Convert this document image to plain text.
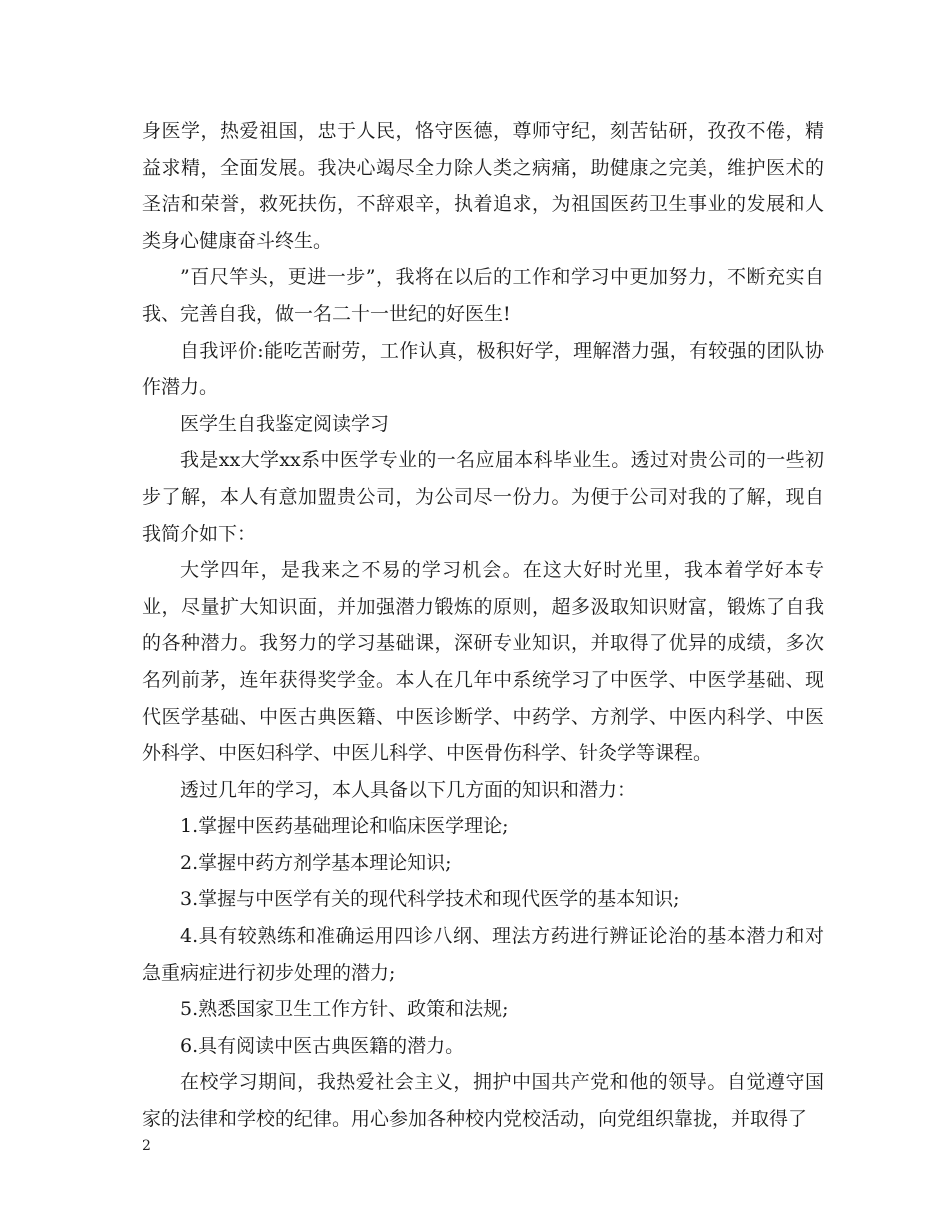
身医学，热爱祖国，忠于人民，恪守医德，尊师守纪，刻苦钻研，孜孜不倦，精益求精，全面发展。我决心竭尽全力除人类之病痛，助健康之完美，维护医术的圣洁和荣誉，救死扶伤，不辞艰辛，执着追求，为祖国医药卫生事业的发展和人类身心健康奋斗终生。

”百尺竿头，更进一步”，我将在以后的工作和学习中更加努力，不断充实自我、完善自我，做一名二十一世纪的好医生!

自我评价:能吃苦耐劳，工作认真，极积好学，理解潜力强，有较强的团队协作潜力。

医学生自我鉴定阅读学习

我是xx大学xx系中医学专业的一名应届本科毕业生。透过对贵公司的一些初步了解，本人有意加盟贵公司，为公司尽一份力。为便于公司对我的了解，现自我简介如下：

大学四年，是我来之不易的学习机会。在这大好时光里，我本着学好本专业，尽量扩大知识面，并加强潜力锻炼的原则，超多汲取知识财富，锻炼了自我的各种潜力。我努力的学习基础课，深研专业知识，并取得了优异的成绩，多次名列前茅，连年获得奖学金。本人在几年中系统学习了中医学、中医学基础、现代医学基础、中医古典医籍、中医诊断学、中药学、方剂学、中医内科学、中医外科学、中医妇科学、中医儿科学、中医骨伤科学、针灸学等课程。

透过几年的学习，本人具备以下几方面的知识和潜力：

1.掌握中医药基础理论和临床医学理论;

2.掌握中药方剂学基本理论知识;

3.掌握与中医学有关的现代科学技术和现代医学的基本知识;

4.具有较熟练和准确运用四诊八纲、理法方药进行辨证论治的基本潜力和对急重病症进行初步处理的潜力;

5.熟悉国家卫生工作方针、政策和法规;

6.具有阅读中医古典医籍的潜力。

在校学习期间，我热爱社会主义，拥护中国共产党和他的领导。自觉遵守国家的法律和学校的纪律。用心参加各种校内党校活动，向党组织靠拢，并取得了

2
